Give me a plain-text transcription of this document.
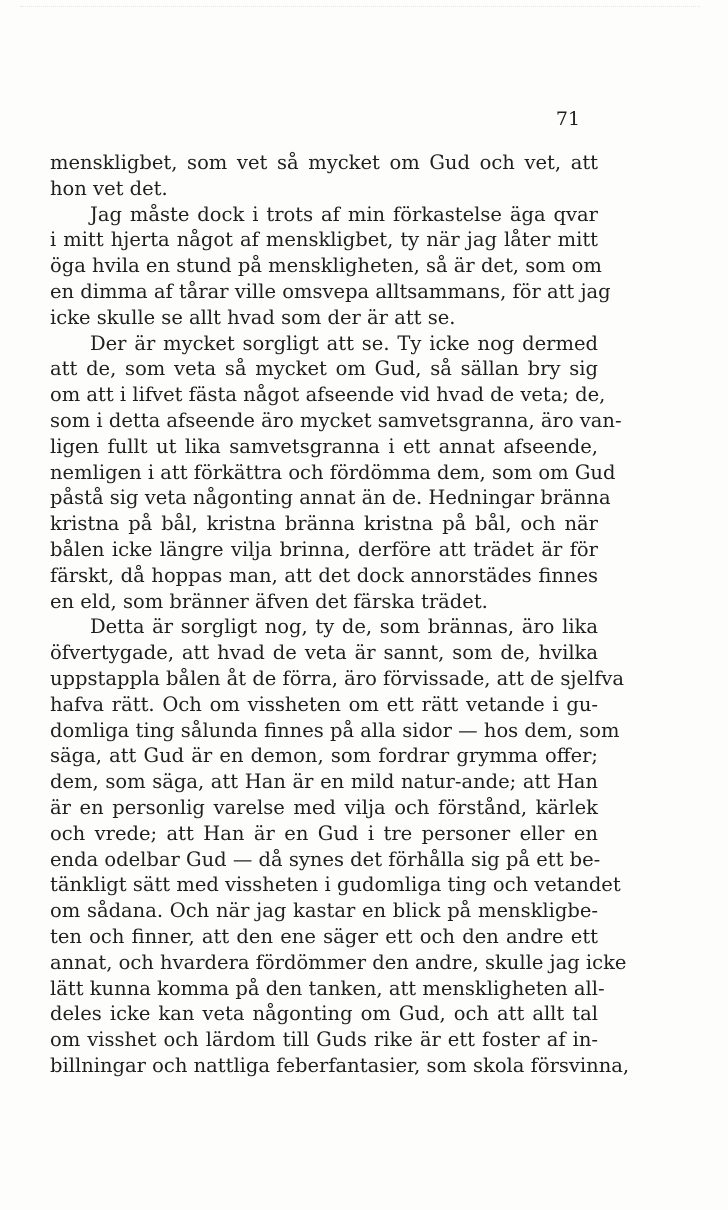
71
menskligbet, som vet så mycket om Gud och vet, att
hon vet det.
Jag måste dock i trots af min förkastelse äga qvar
i mitt hjerta något af menskligbet, ty när jag låter mitt
öga hvila en stund på menskligheten, så är det, som om
en dimma af tårar ville omsvepa alltsammans, för att jag
icke skulle se allt hvad som der är att se.
Der är mycket sorgligt att se. Ty icke nog dermed
att de, som veta så mycket om Gud, så sällan bry sig
om att i lifvet fästa något afseende vid hvad de veta; de,
som i detta afseende äro mycket samvetsgranna, äro van-
ligen fullt ut lika samvetsgranna i ett annat afseende,
nemligen i att förkättra och fördömma dem, som om Gud
påstå sig veta någonting annat än de. Hedningar bränna
kristna på bål, kristna bränna kristna på bål, och när
bålen icke längre vilja brinna, derföre att trädet är för
färskt, då hoppas man, att det dock annorstädes finnes
en eld, som bränner äfven det färska trädet.
Detta är sorgligt nog, ty de, som brännas, äro lika
öfvertygade, att hvad de veta är sannt, som de, hvilka
uppstappla bålen åt de förra, äro förvissade, att de sjelfva
hafva rätt. Och om vissheten om ett rätt vetande i gu-
domliga ting sålunda finnes på alla sidor — hos dem, som
säga, att Gud är en demon, som fordrar grymma offer;
dem, som säga, att Han är en mild natur-ande; att Han
är en personlig varelse med vilja och förstånd, kärlek
och vrede; att Han är en Gud i tre personer eller en
enda odelbar Gud — då synes det förhålla sig på ett be-
tänkligt sätt med vissheten i gudomliga ting och vetandet
om sådana. Och när jag kastar en blick på menskligbe-
ten och finner, att den ene säger ett och den andre ett
annat, och hvardera fördömmer den andre, skulle jag icke
lätt kunna komma på den tanken, att menskligheten all-
deles icke kan veta någonting om Gud, och att allt tal
om visshet och lärdom till Guds rike är ett foster af in-
billningar och nattliga feberfantasier, som skola försvinna,
